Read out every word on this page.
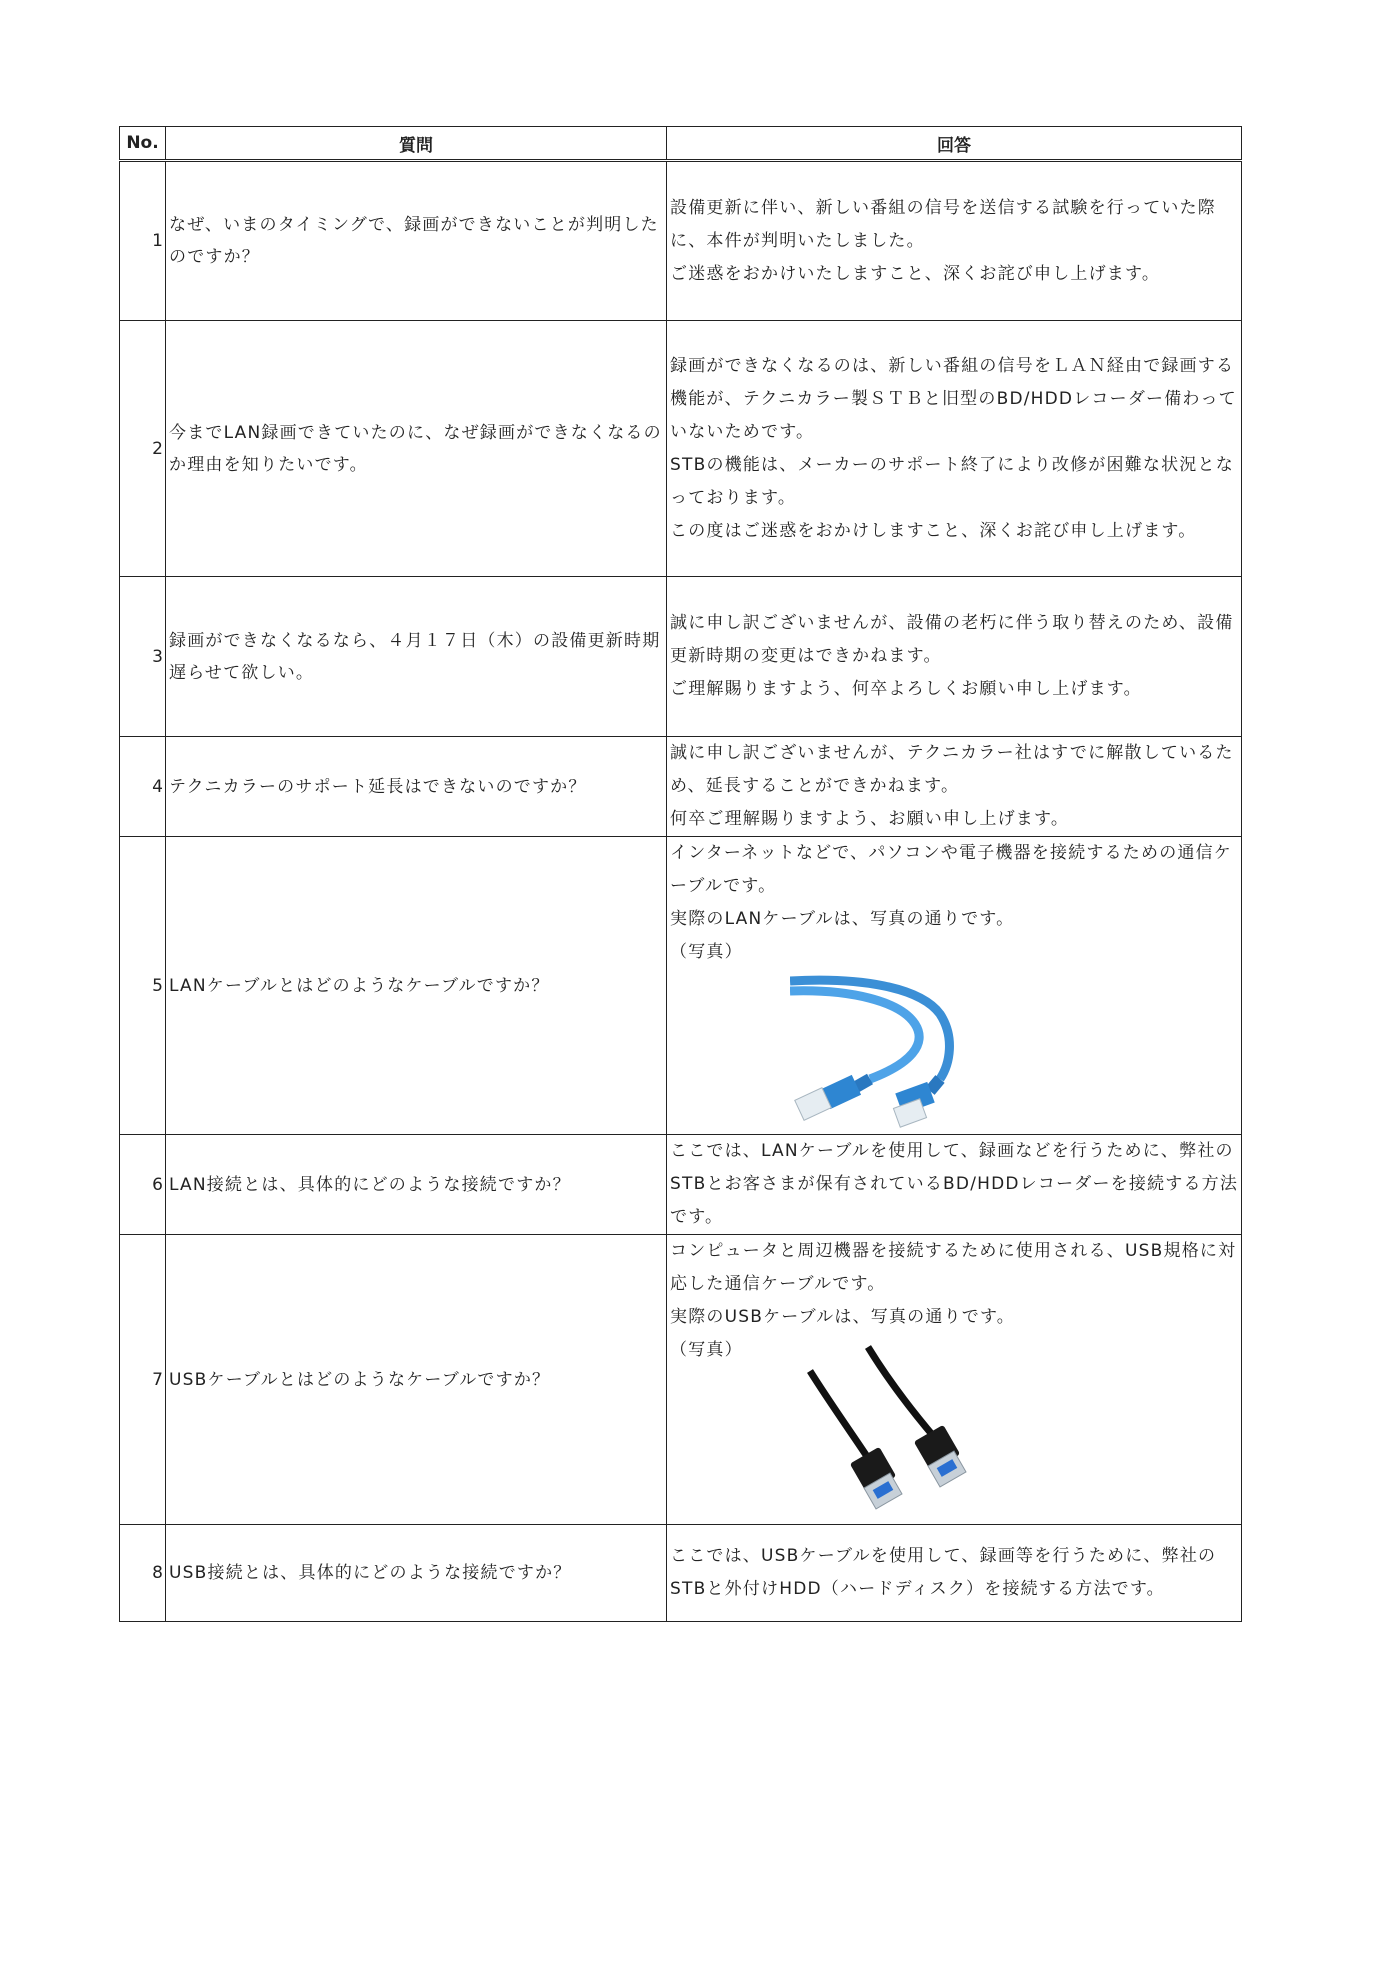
No.	質問	回答
1	なぜ、いまのタイミングで、録画ができないことが判明したのですか？	設備更新に伴い、新しい番組の信号を送信する試験を行っていた際に、本件が判明いたしました。

ご迷惑をおかけいたしますこと、深くお詫び申し上げます。

2	今までLAN録画できていたのに、なぜ録画ができなくなるのか理由を知りたいです。	録画ができなくなるのは、新しい番組の信号をＬＡＮ経由で録画する機能が、テクニカラー製ＳＴＢと旧型のBD/HDDレコーダー備わっていないためです。

STBの機能は、メーカーのサポート終了により改修が困難な状況となっております。

この度はご迷惑をおかけしますこと、深くお詫び申し上げます。

3	録画ができなくなるなら、４月１７日（木）の設備更新時期遅らせて欲しい。	誠に申し訳ございませんが、設備の老朽に伴う取り替えのため、設備更新時期の変更はできかねます。

ご理解賜りますよう、何卒よろしくお願い申し上げます。

4	テクニカラーのサポート延長はできないのですか？	誠に申し訳ございませんが、テクニカラー社はすでに解散しているため、延長することができかねます。

何卒ご理解賜りますよう、お願い申し上げます。

5	LANケーブルとはどのようなケーブルですか？	インターネットなどで、パソコンや電子機器を接続するための通信ケーブルです。

実際のLANケーブルは、写真の通りです。

（写真）

6	LAN接続とは、具体的にどのような接続ですか？	ここでは、LANケーブルを使用して、録画などを行うために、弊社のSTBとお客さまが保有されているBD/HDDレコーダーを接続する方法です。

7	USBケーブルとはどのようなケーブルですか？	コンピュータと周辺機器を接続するために使用される、USB規格に対応した通信ケーブルです。

実際のUSBケーブルは、写真の通りです。

（写真）

8	USB接続とは、具体的にどのような接続ですか？	ここでは、USBケーブルを使用して、録画等を行うために、弊社のSTBと外付けHDD（ハードディスク）を接続する方法です。
